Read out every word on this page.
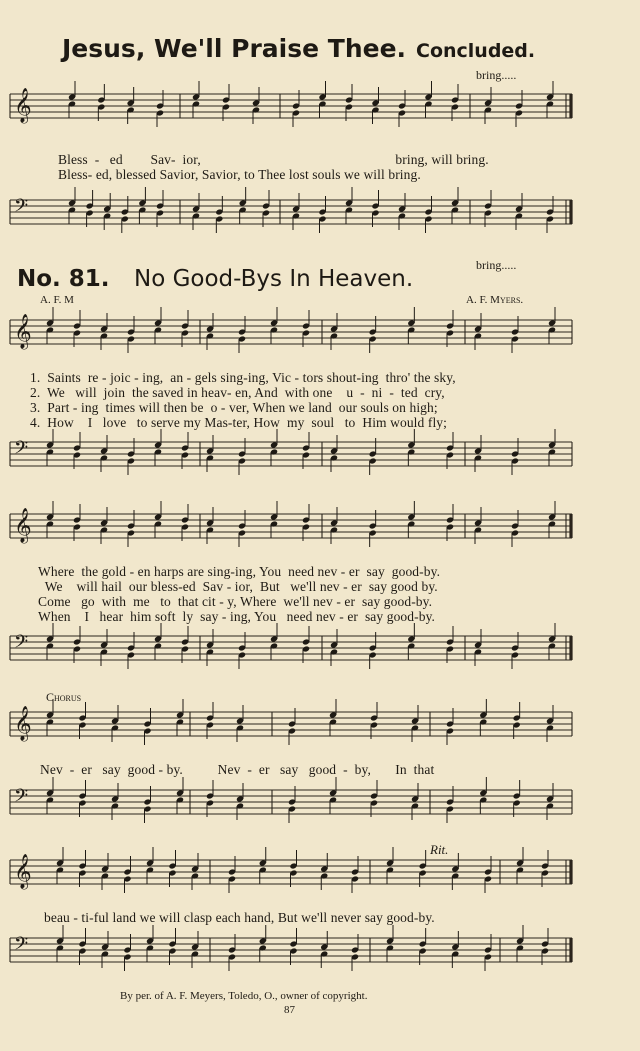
Jesus, We'll Praise Thee. Concluded.
bring.....
𝄞
Bless  -   ed        Sav-  ior,                                                        bring, will bring.
Bless- ed, blessed Savior, Savior, to Thee lost souls we will bring.
𝄢
bring.....
No. 81. No Good-Bys In Heaven.
A. F. M	A. F. Myers.
𝄞
1.  Saints  re - joic - ing,  an - gels sing-ing, Vic - tors shout-ing  thro' the sky,
2.  We   will  join  the saved in heav- en, And  with one    u  -  ni  -  ted  cry,
3.  Part - ing  times will then be  o - ver, When we land  our souls on high;
4.  How    I   love   to serve my Mas-ter, How  my  soul   to  Him would fly;
𝄢
𝄞
Where  the gold - en harps are sing-ing, You  need nev - er  say  good-by.
We    will hail  our bless-ed  Sav - ior,  But   we'll nev - er  say good by.
Come   go  with  me   to  that cit - y, Where  we'll nev - er  say good-by.
When    I   hear  him soft  ly  say - ing, You   need nev - er  say good-by.
𝄢
Chorus
𝄞
Nev  -  er   say  good - by.          Nev  -  er   say   good  -  by,       In  that
𝄢
Rit.
𝄞
beau - ti-ful land we will clasp each hand, But we'll never say good-by.
𝄢
By per. of A. F. Meyers, Toledo, O., owner of copyright.
87
